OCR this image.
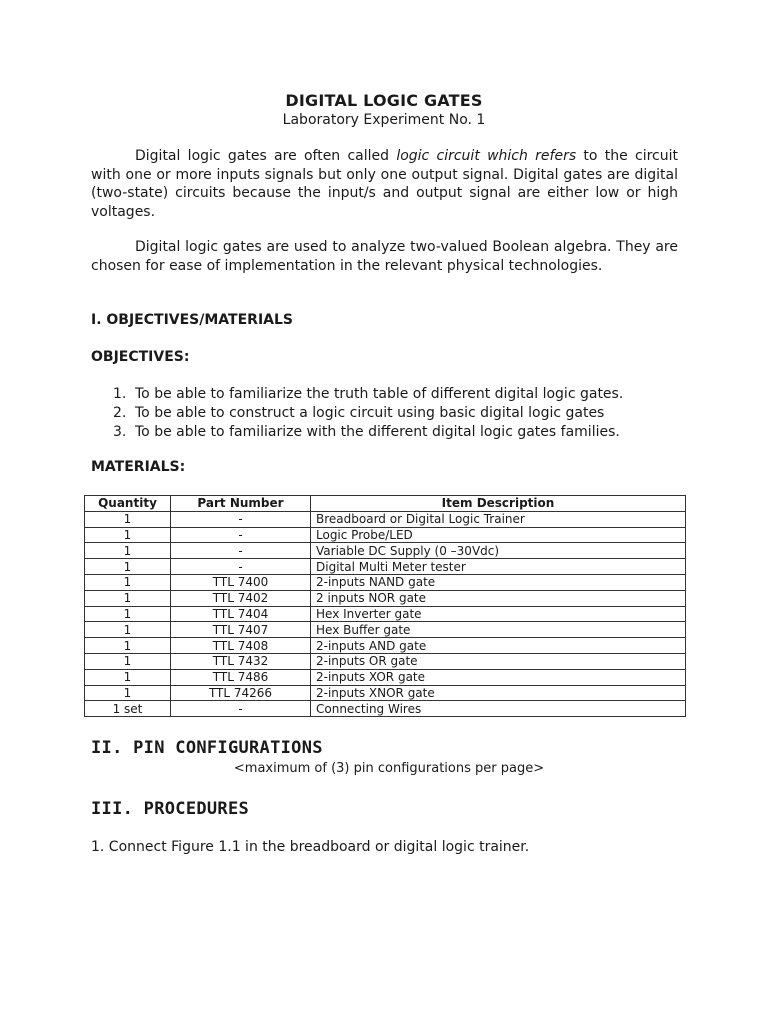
DIGITAL LOGIC GATES
Laboratory Experiment No. 1

Digital logic gates are often called logic circuit which refers to the circuit with one or more inputs signals but only one output signal. Digital gates are digital (two-state) circuits because the input/s and output signal are either low or high voltages.

Digital logic gates are used to analyze two-valued Boolean algebra. They are chosen for ease of implementation in the relevant physical technologies.

I. OBJECTIVES/MATERIALS
OBJECTIVES:
1. To be able to familiarize the truth table of different digital logic gates.
2. To be able to construct a logic circuit using basic digital logic gates
3. To be able to familiarize with the different digital logic gates families.
MATERIALS:
Quantity	Part Number	Item Description
1	-	Breadboard or Digital Logic Trainer
1	-	Logic Probe/LED
1	-	Variable DC Supply (0 –30Vdc)
1	-	Digital Multi Meter tester
1	TTL 7400	2-inputs NAND gate
1	TTL 7402	2 inputs NOR gate
1	TTL 7404	Hex Inverter gate
1	TTL 7407	Hex Buffer gate
1	TTL 7408	2-inputs AND gate
1	TTL 7432	2-inputs OR gate
1	TTL 7486	2-inputs XOR gate
1	TTL 74266	2-inputs XNOR gate
1 set	-	Connecting Wires
II. PIN CONFIGURATIONS
<maximum of (3) pin configurations per page>
III. PROCEDURES
1. Connect Figure 1.1 in the breadboard or digital logic trainer.
